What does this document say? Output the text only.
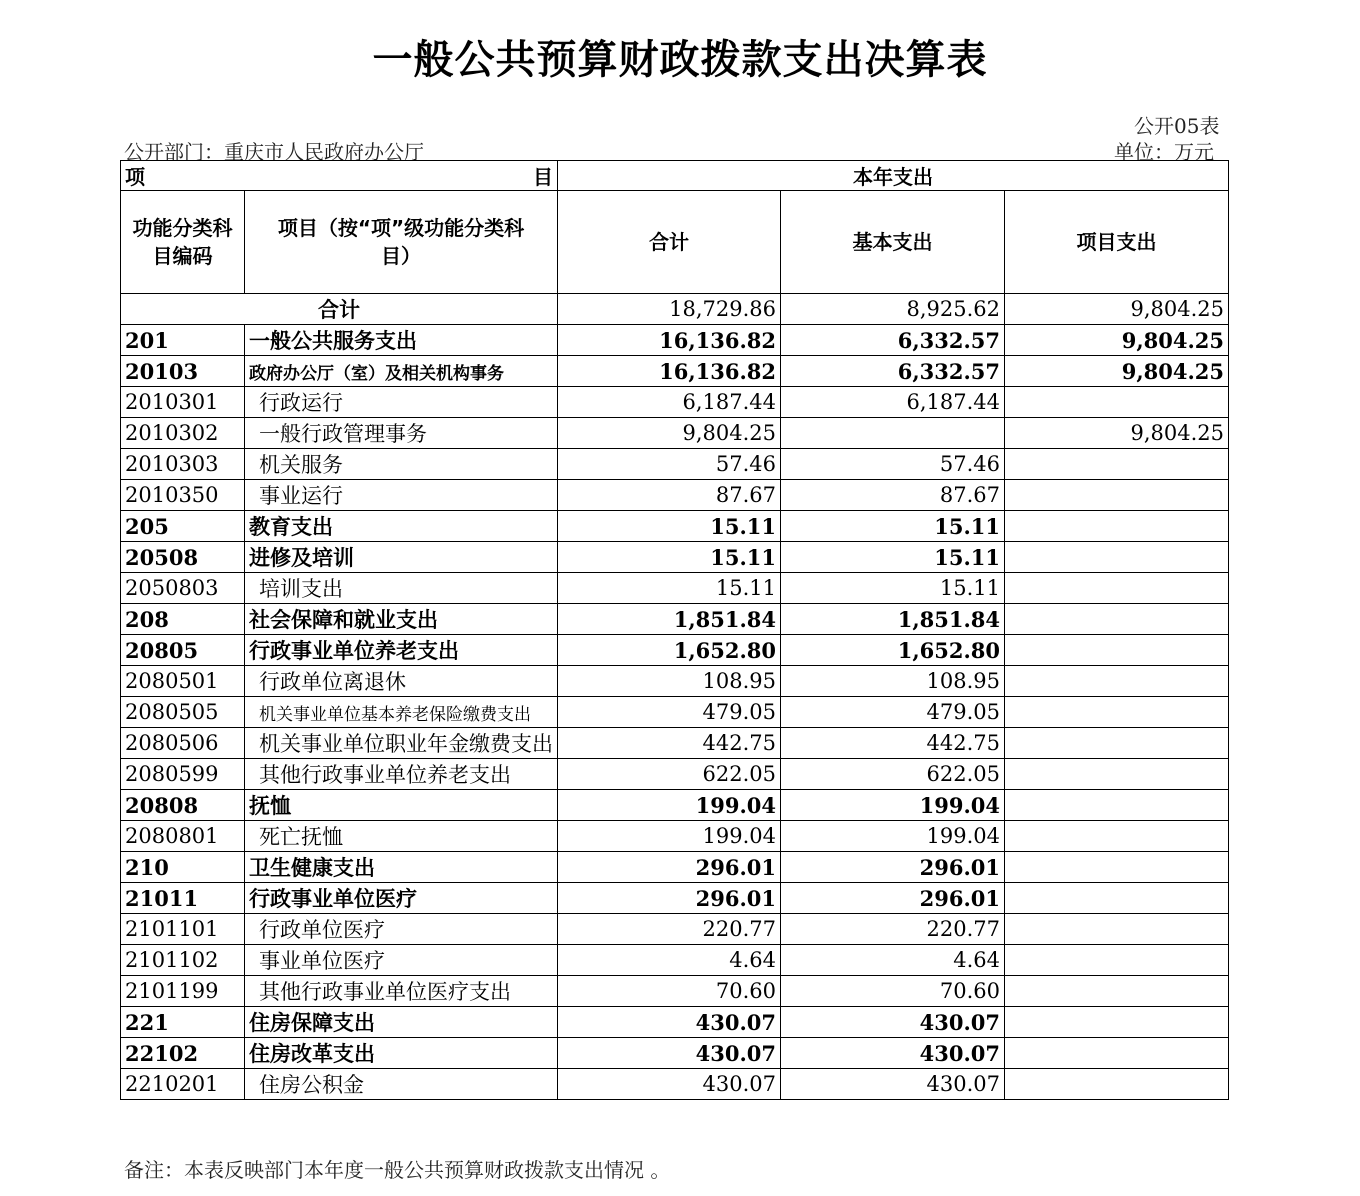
一般公共预算财政拨款支出决算表
公开05表
公开部门：重庆市人民政府办公厅	单位：万元
项 目		本年支出		
功能分类科目编码	项目（按“项”级功能分类科目）	合计	基本支出	项目支出
合计		18,729.86	8,925.62	9,804.25
201	一般公共服务支出	16,136.82	6,332.57	9,804.25
20103	政府办公厅（室）及相关机构事务	16,136.82	6,332.57	9,804.25
2010301	行政运行	6,187.44	6,187.44	
2010302	一般行政管理事务	9,804.25		9,804.25
2010303	机关服务	57.46	57.46	
2010350	事业运行	87.67	87.67	
205	教育支出	15.11	15.11	
20508	进修及培训	15.11	15.11	
2050803	培训支出	15.11	15.11	
208	社会保障和就业支出	1,851.84	1,851.84	
20805	行政事业单位养老支出	1,652.80	1,652.80	
2080501	行政单位离退休	108.95	108.95	
2080505	机关事业单位基本养老保险缴费支出	479.05	479.05	
2080506	机关事业单位职业年金缴费支出	442.75	442.75	
2080599	其他行政事业单位养老支出	622.05	622.05	
20808	抚恤	199.04	199.04	
2080801	死亡抚恤	199.04	199.04	
210	卫生健康支出	296.01	296.01	
21011	行政事业单位医疗	296.01	296.01	
2101101	行政单位医疗	220.77	220.77	
2101102	事业单位医疗	4.64	4.64	
2101199	其他行政事业单位医疗支出	70.60	70.60	
221	住房保障支出	430.07	430.07	
22102	住房改革支出	430.07	430.07	
2210201	住房公积金	430.07	430.07	
备注：本表反映部门本年度一般公共预算财政拨款支出情况 。
